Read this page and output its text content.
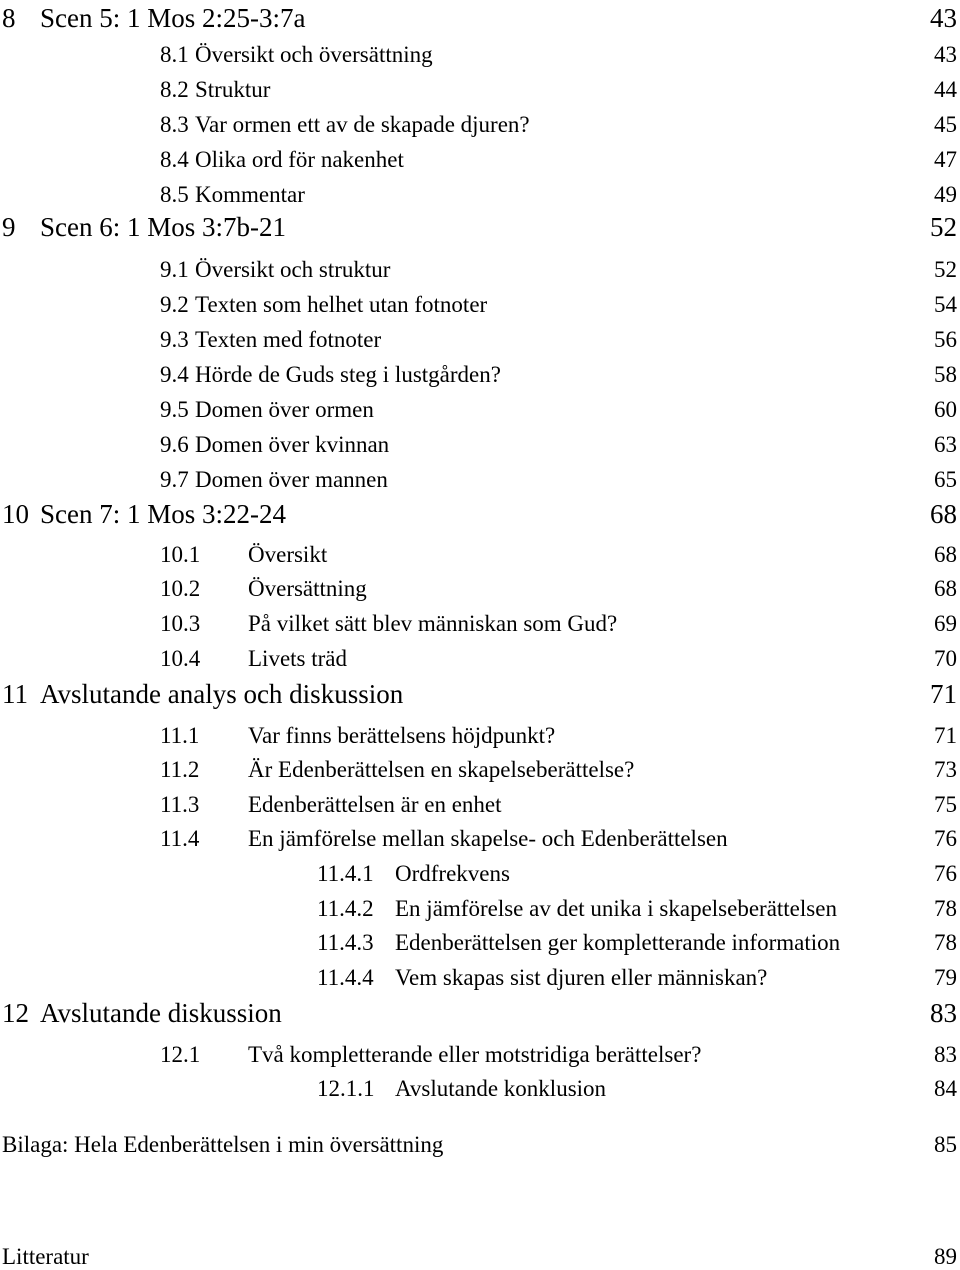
8 Scen 5: 1 Mos 2:25-3:7a	43
8.1 Översikt och översättning	43
8.2 Struktur	44
8.3 Var ormen ett av de skapade djuren?	45
8.4 Olika ord för nakenhet	47
8.5 Kommentar	49
9 Scen 6: 1 Mos 3:7b-21	52
9.1 Översikt och struktur	52
9.2 Texten som helhet utan fotnoter	54
9.3 Texten med fotnoter	56
9.4 Hörde de Guds steg i lustgården?	58
9.5 Domen över ormen	60
9.6 Domen över kvinnan	63
9.7 Domen över mannen	65
10 Scen 7: 1 Mos 3:22-24	68
10.1 Översikt	68
10.2 Översättning	68
10.3 På vilket sätt blev människan som Gud?	69
10.4 Livets träd	70
11 Avslutande analys och diskussion	71
11.1 Var finns berättelsens höjdpunkt?	71
11.2 Är Edenberättelsen en skapelseberättelse?	73
11.3 Edenberättelsen är en enhet	75
11.4 En jämförelse mellan skapelse- och Edenberättelsen	76
11.4.1 Ordfrekvens	76
11.4.2 En jämförelse av det unika i skapelseberättelsen	78
11.4.3 Edenberättelsen ger kompletterande information	78
11.4.4 Vem skapas sist djuren eller människan?	79
12 Avslutande diskussion	83
12.1 Två kompletterande eller motstridiga berättelser?	83
12.1.1 Avslutande konklusion	84
Bilaga: Hela Edenberättelsen i min översättning	85
Litteratur	89
